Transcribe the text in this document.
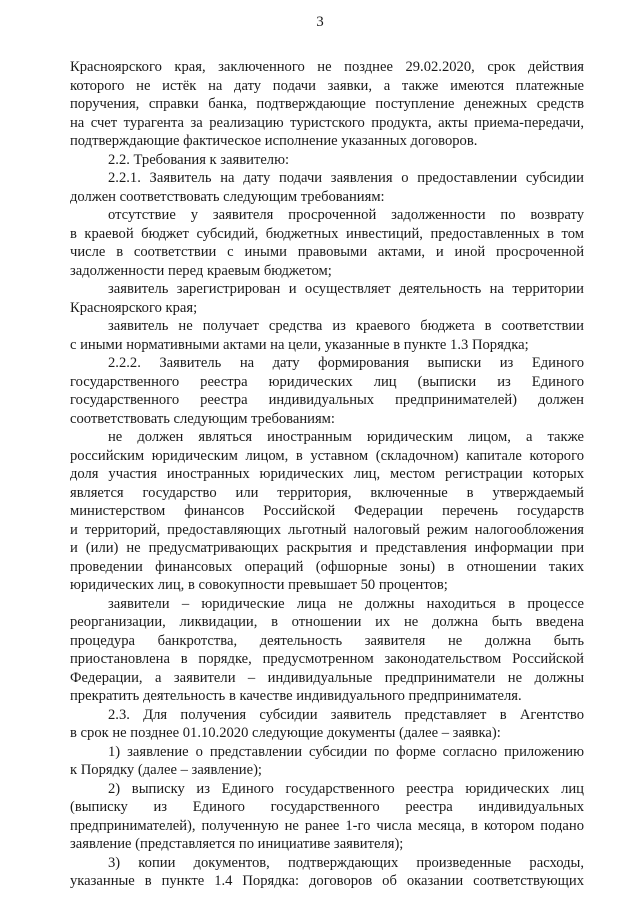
3
Красноярского края, заключенного не позднее 29.02.2020, срок действия
которого не истёк на дату подачи заявки, а также имеются платежные
поручения, справки банка, подтверждающие поступление денежных средств
на счет турагента за реализацию туристского продукта, акты приема-передачи,
подтверждающие фактическое исполнение указанных договоров.
2.2. Требования к заявителю:
2.2.1. Заявитель на дату подачи заявления о предоставлении субсидии
должен соответствовать следующим требованиям:
отсутствие у заявителя просроченной задолженности по возврату
в краевой бюджет субсидий, бюджетных инвестиций, предоставленных в том
числе в соответствии с иными правовыми актами, и иной просроченной
задолженности перед краевым бюджетом;
заявитель зарегистрирован и осуществляет деятельность на территории
Красноярского края;
заявитель не получает средства из краевого бюджета в соответствии
с иными нормативными актами на цели, указанные в пункте 1.3 Порядка;
2.2.2. Заявитель на дату формирования выписки из Единого
государственного реестра юридических лиц (выписки из Единого
государственного реестра индивидуальных предпринимателей) должен
соответствовать следующим требованиям:
не должен являться иностранным юридическим лицом, а также
российским юридическим лицом, в уставном (складочном) капитале которого
доля участия иностранных юридических лиц, местом регистрации которых
является государство или территория, включенные в утверждаемый
министерством финансов Российской Федерации перечень государств
и территорий, предоставляющих льготный налоговый режим налогообложения
и (или) не предусматривающих раскрытия и представления информации при
проведении финансовых операций (офшорные зоны) в отношении таких
юридических лиц, в совокупности превышает 50 процентов;
заявители – юридические лица не должны находиться в процессе
реорганизации, ликвидации, в отношении их не должна быть введена
процедура банкротства, деятельность заявителя не должна быть
приостановлена в порядке, предусмотренном законодательством Российской
Федерации, а заявители – индивидуальные предприниматели не должны
прекратить деятельность в качестве индивидуального предпринимателя.
2.3. Для получения субсидии заявитель представляет в Агентство
в срок не позднее 01.10.2020 следующие документы (далее – заявка):
1) заявление о представлении субсидии по форме согласно приложению
к Порядку (далее – заявление);
2) выписку из Единого государственного реестра юридических лиц
(выписку из Единого государственного реестра индивидуальных
предпринимателей), полученную не ранее 1-го числа месяца, в котором подано
заявление (представляется по инициативе заявителя);
3) копии документов, подтверждающих произведенные расходы,
указанные в пункте 1.4 Порядка: договоров об оказании соответствующих
